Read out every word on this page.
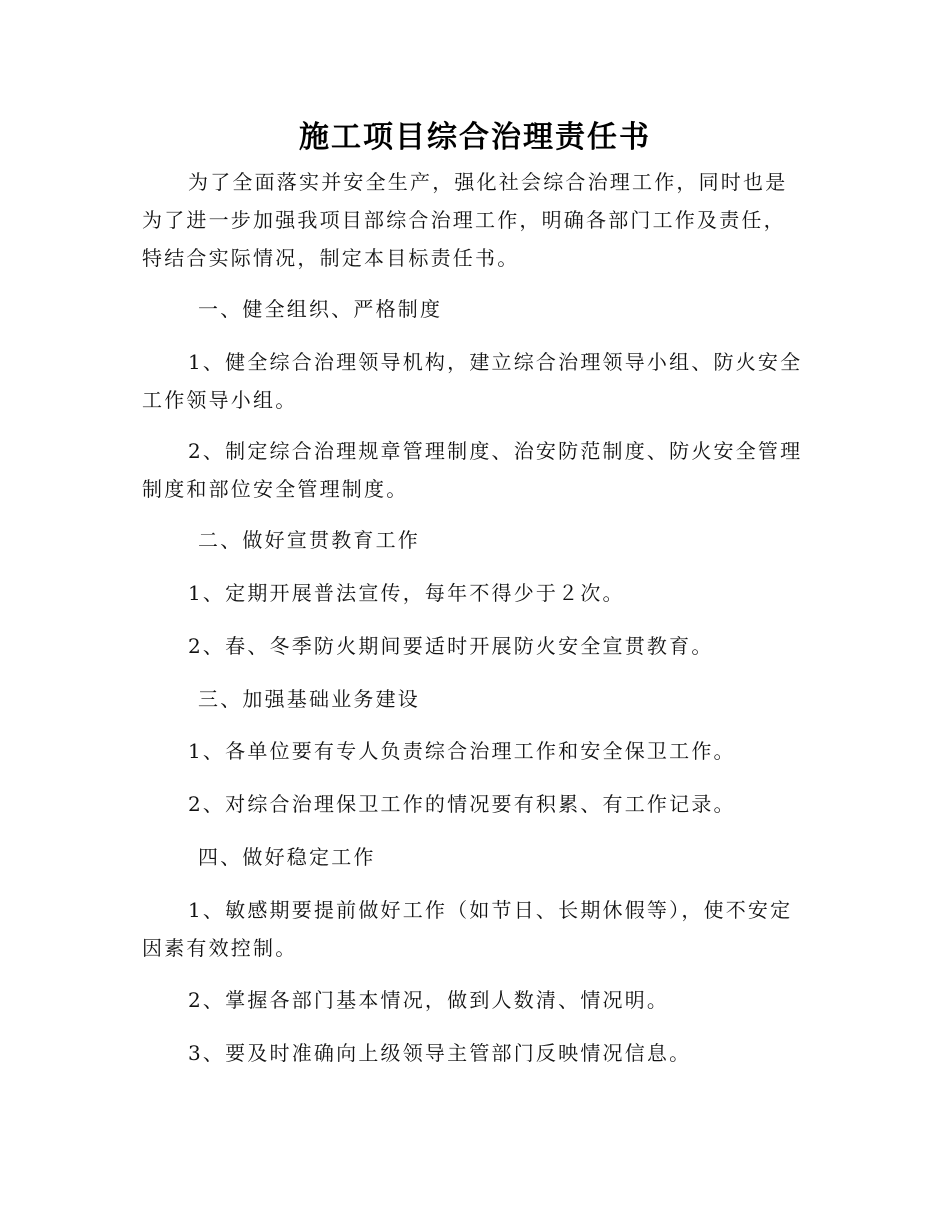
施工项目综合治理责任书

为了全面落实并安全生产，强化社会综合治理工作，同时也是为了进一步加强我项目部综合治理工作，明确各部门工作及责任，特结合实际情况，制定本目标责任书。

一、健全组织、严格制度

1、健全综合治理领导机构，建立综合治理领导小组、防火安全工作领导小组。

2、制定综合治理规章管理制度、治安防范制度、防火安全管理制度和部位安全管理制度。

二、做好宣贯教育工作

1、定期开展普法宣传，每年不得少于２次。

2、春、冬季防火期间要适时开展防火安全宣贯教育。

三、加强基础业务建设

1、各单位要有专人负责综合治理工作和安全保卫工作。

2、对综合治理保卫工作的情况要有积累、有工作记录。

四、做好稳定工作

1、敏感期要提前做好工作（如节日、长期休假等），使不安定因素有效控制。

2、掌握各部门基本情况，做到人数清、情况明。

3、要及时准确向上级领导主管部门反映情况信息。
